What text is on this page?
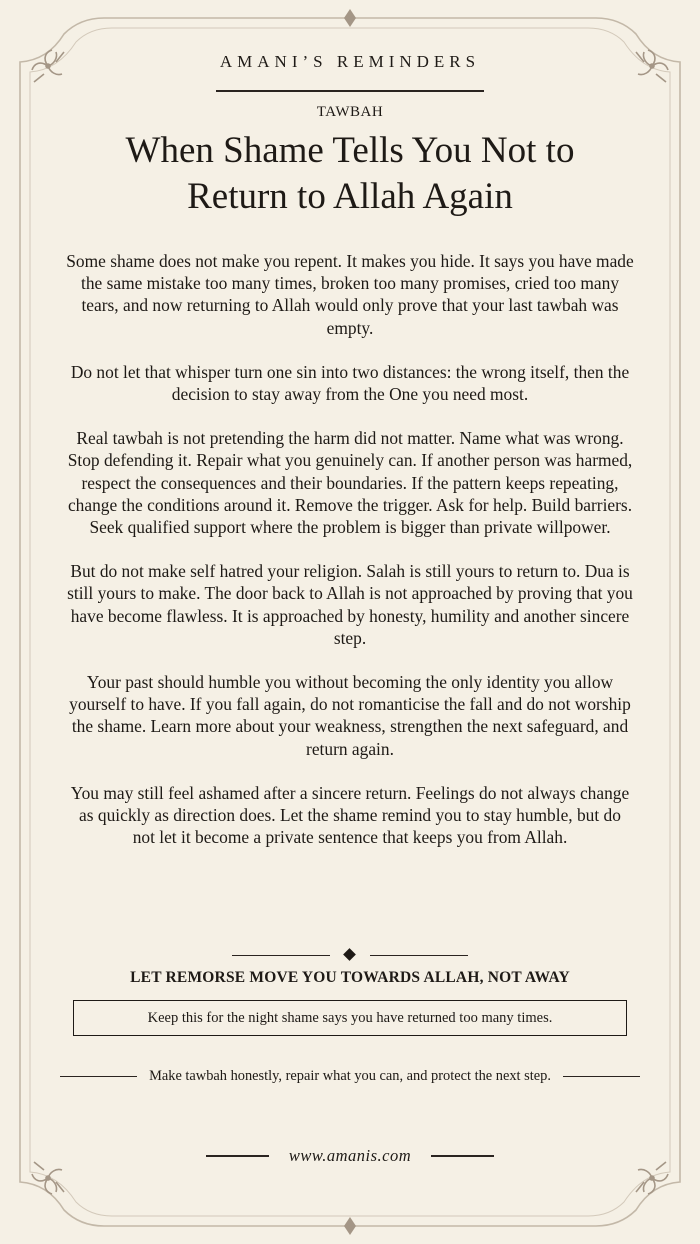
AMANI’S REMINDERS
TAWBAH
When Shame Tells You Not to
Return to Allah Again

Some shame does not make you repent. It makes you hide. It says you have made the same mistake too many times, broken too many promises, cried too many tears, and now returning to Allah would only prove that your last tawbah was empty.

Do not let that whisper turn one sin into two distances: the wrong itself, then the decision to stay away from the One you need most.

Real tawbah is not pretending the harm did not matter. Name what was wrong. Stop defending it. Repair what you genuinely can. If another person was harmed, respect the consequences and their boundaries. If the pattern keeps repeating, change the conditions around it. Remove the trigger. Ask for help. Build barriers. Seek qualified support where the problem is bigger than private willpower.

But do not make self hatred your religion. Salah is still yours to return to. Dua is still yours to make. The door back to Allah is not approached by proving that you have become flawless. It is approached by honesty, humility and another sincere step.

Your past should humble you without becoming the only identity you allow yourself to have. If you fall again, do not romanticise the fall and do not worship the shame. Learn more about your weakness, strengthen the next safeguard, and return again.

You may still feel ashamed after a sincere return. Feelings do not always change as quickly as direction does. Let the shame remind you to stay humble, but do not let it become a private sentence that keeps you from Allah.

LET REMORSE MOVE YOU TOWARDS ALLAH, NOT AWAY
Keep this for the night shame says you have returned too many times.
Make tawbah honestly, repair what you can, and protect the next step.
www.amanis.com
